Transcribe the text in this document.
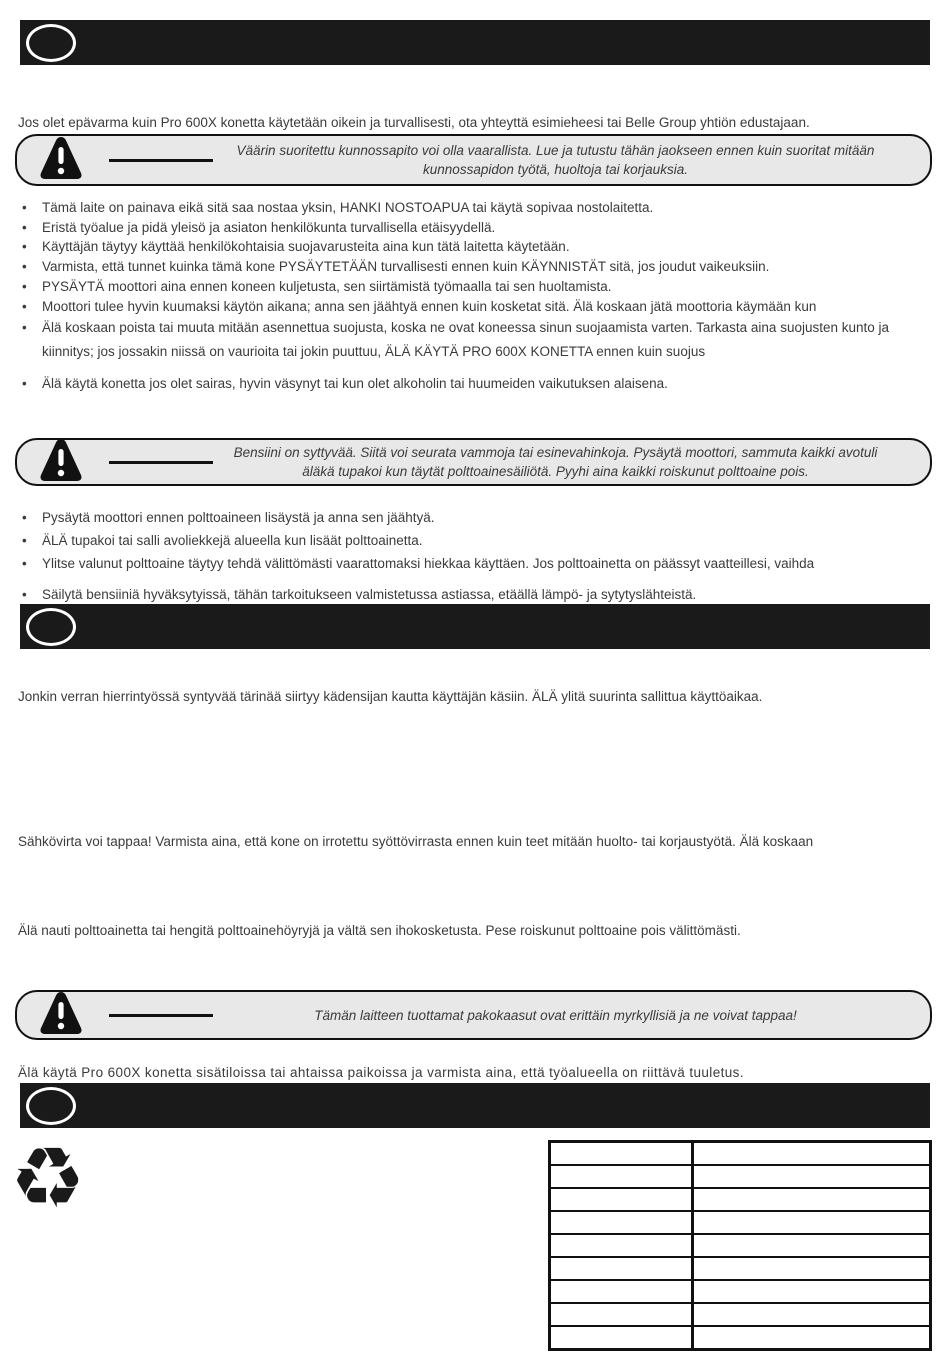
Jos olet epävarma kuin Pro 600X konetta käytetään oikein ja turvallisesti, ota yhteyttä esimieheesi tai Belle Group yhtiön edustajaan.

Väärin suoritettu kunnossapito voi olla vaarallista. Lue ja tutustu tähän jaokseen ennen kuin suoritat mitään kunnossapidon työtä, huoltoja tai korjauksia.
• Tämä laite on painava eikä sitä saa nostaa yksin, HANKI NOSTOAPUA tai käytä sopivaa nostolaitetta.
• Eristä työalue ja pidä yleisö ja asiaton henkilökunta turvallisella etäisyydellä.
• Käyttäjän täytyy käyttää henkilökohtaisia suojavarusteita aina kun tätä laitetta käytetään.
• Varmista, että tunnet kuinka tämä kone PYSÄYTETÄÄN turvallisesti ennen kuin KÄYNNISTÄT sitä, jos joudut vaikeuksiin.
• PYSÄYTÄ moottori aina ennen koneen kuljetusta, sen siirtämistä työmaalla tai sen huoltamista.
• Moottori tulee hyvin kuumaksi käytön aikana; anna sen jäähtyä ennen kuin kosketat sitä. Älä koskaan jätä moottoria käymään kun
• Älä koskaan poista tai muuta mitään asennettua suojusta, koska ne ovat koneessa sinun suojaamista varten. Tarkasta aina suojusten kunto ja kiinnitys; jos jossakin niissä on vaurioita tai jokin puuttuu, ÄLÄ KÄYTÄ PRO 600X KONETTA ennen kuin suojus
• Älä käytä konetta jos olet sairas, hyvin väsynyt tai kun olet alkoholin tai huumeiden vaikutuksen alaisena.
Bensiini on syttyvää. Siitä voi seurata vammoja tai esinevahinkoja. Pysäytä moottori, sammuta kaikki avotuli äläkä tupakoi kun täytät polttoainesäiliötä. Pyyhi aina kaikki roiskunut polttoaine pois.
• Pysäytä moottori ennen polttoaineen lisäystä ja anna sen jäähtyä.
• ÄLÄ tupakoi tai salli avoliekkejä alueella kun lisäät polttoainetta.
• Ylitse valunut polttoaine täytyy tehdä välittömästi vaarattomaksi hiekkaa käyttäen. Jos polttoainetta on päässyt vaatteillesi, vaihda
• Säilytä bensiiniä hyväksytyissä, tähän tarkoitukseen valmistetussa astiassa, etäällä lämpö- ja sytytyslähteistä.

Jonkin verran hierrintyössä syntyvää tärinää siirtyy kädensijan kautta käyttäjän käsiin. ÄLÄ ylitä suurinta sallittua käyttöaikaa.

Sähkövirta voi tappaa! Varmista aina, että kone on irrotettu syöttövirrasta ennen kuin teet mitään huolto- tai korjaustyötä. Älä koskaan

Älä nauti polttoainetta tai hengitä polttoainehöyryjä ja vältä sen ihokosketusta. Pese roiskunut polttoaine pois välittömästi.

Tämän laitteen tuottamat pakokaasut ovat erittäin myrkyllisiä ja ne voivat tappaa!

Älä käytä Pro 600X konetta sisätiloissa tai ahtaissa paikoissa ja varmista aina, että työalueella on riittävä tuuletus.

♻
